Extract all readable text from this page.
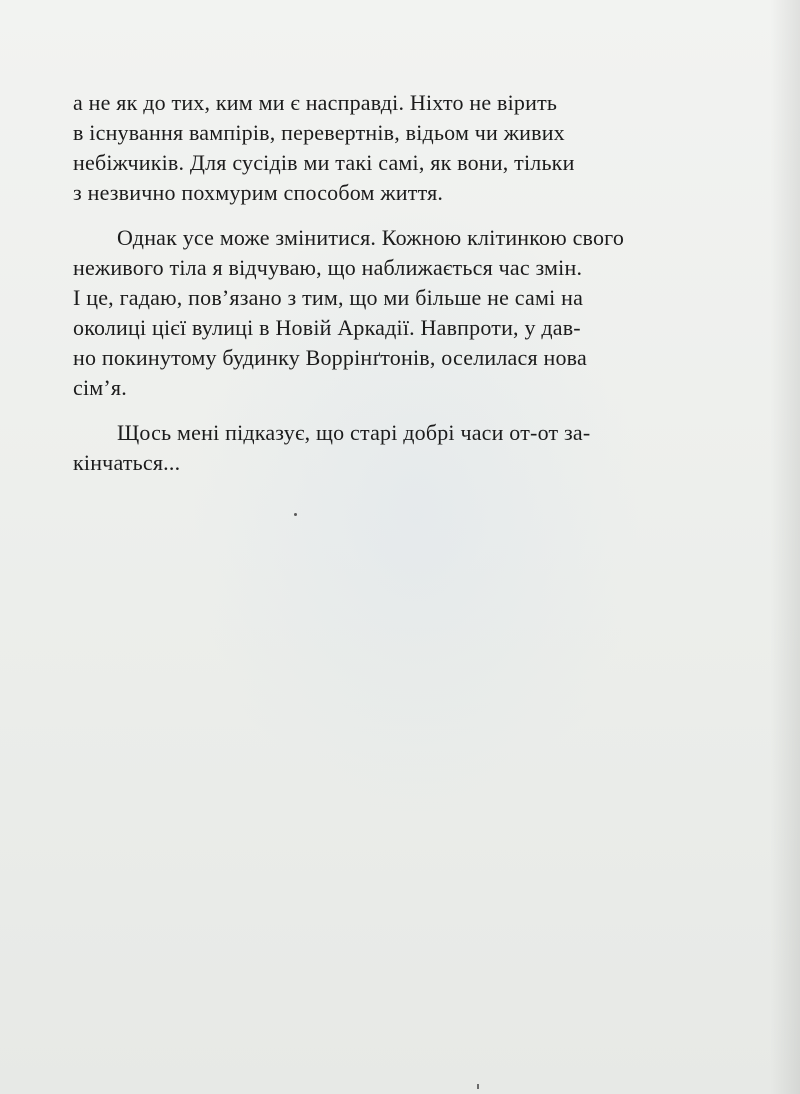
а не як до тих, ким ми є насправді. Ніхто не вірить
в існування вампірів, перевертнів, відьом чи живих
небіжчиків. Для сусідів ми такі самі, як вони, тільки
з незвично похмурим способом життя.

Однак усе може змінитися. Кожною клітинкою свого
неживого тіла я відчуваю, що наближається час змін.
І це, гадаю, пов’язано з тим, що ми більше не самі на
околиці цієї вулиці в Новій Аркадії. Навпроти, у дав-
но покинутому будинку Воррінґтонів, оселилася нова
сім’я.

Щось мені підказує, що старі добрі часи от-от за-
кінчаться...
